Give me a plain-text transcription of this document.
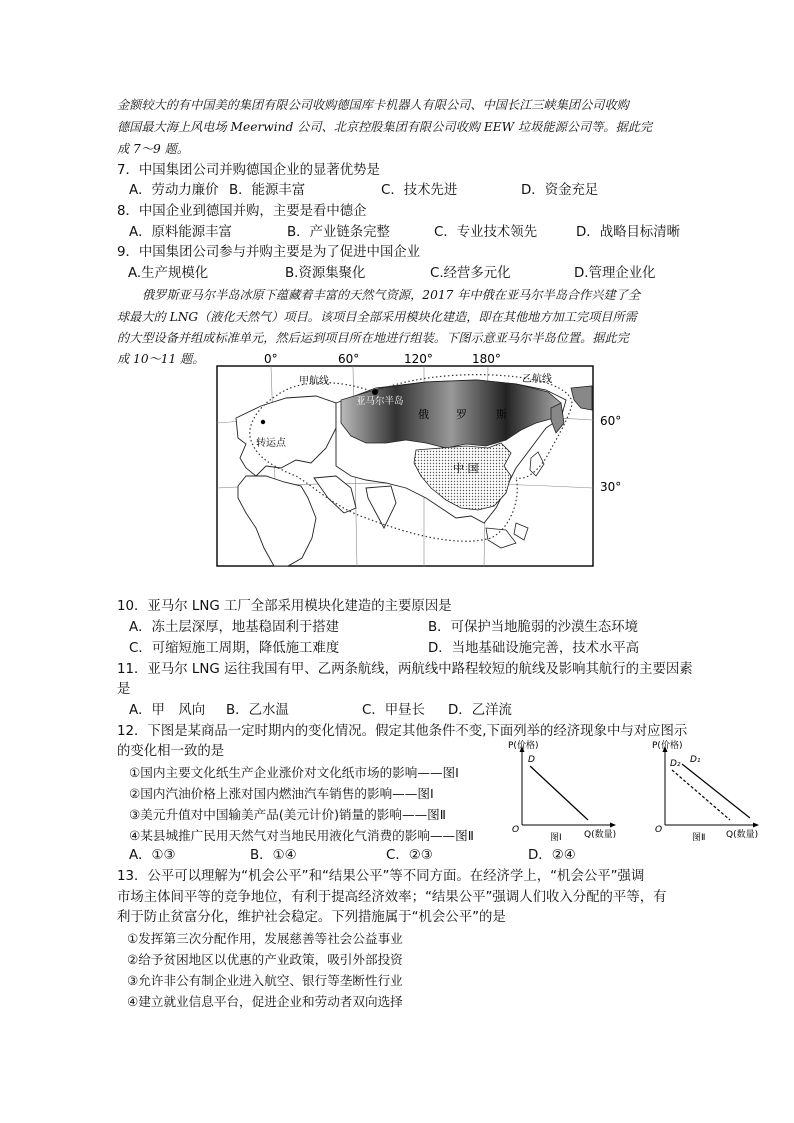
金额较大的有中国美的集团有限公司收购德国库卡机器人有限公司、中国长江三峡集团公司收购
德国最大海上风电场 Meerwind 公司、北京控股集团有限公司收购 EEW 垃圾能源公司等。据此完
成 7～9 题。
7．中国集团公司并购德国企业的显著优势是
A．劳动力廉价 B．能源丰富	C．技术先进	D．资金充足
8．中国企业到德国并购，主要是看中德企
A．原料能源丰富	B．产业链条完整	C．专业技术领先	D．战略目标清晰
9．中国集团公司参与并购主要是为了促进中国企业
A.生产规模化	B.资源集聚化	C.经营多元化	D.管理企业化
俄罗斯亚马尔半岛冰原下蕴藏着丰富的天然气资源，2017 年中俄在亚马尔半岛合作兴建了全
球最大的 LNG（液化天然气）项目。该项目全部采用模块化建造，即在其他地方加工完项目所需
的大型设备并组成标准单元，然后运到项目所在地进行组装。下图示意亚马尔半岛位置。据此完
成 10～11 题。	0°	60°	120°	180°
60°
30°
甲航线	乙航线
亚马尔半岛
转运点
俄 罗	斯
中 国
10．亚马尔 LNG 工厂全部采用模块化建造的主要原因是
A．冻土层深厚，地基稳固利于搭建	B．可保护当地脆弱的沙漠生态环境
C．可缩短施工周期，降低施工难度	D．当地基础设施完善，技术水平高
11．亚马尔 LNG 运往我国有甲、乙两条航线，两航线中路程较短的航线及影响其航行的主要因素
是
A．甲　风向 B．乙水温	C．甲昼长 D．乙洋流
12．下图是某商品一定时期内的变化情况。假定其他条件不变,下面列举的经济现象中与对应图示
的变化相一致的是
①国内主要文化纸生产企业涨价对文化纸市场的影响——图Ⅰ
②国内汽油价格上涨对国内燃油汽车销售的影响——图Ⅰ
③美元升值对中国输美产品(美元计价)销量的影响——图Ⅱ
④某县城推广民用天然气对当地民用液化气消费的影响——图Ⅱ
A．①③	B．①④	C．②③	D．②④
P(价格)
Q(数量)
O
D
图Ⅰ
P(价格)
Q(数量)
O
D₁
D₂
图Ⅱ
13．公平可以理解为“机会公平”和“结果公平”等不同方面。在经济学上，“机会公平”强调
市场主体间平等的竞争地位，有利于提高经济效率；“结果公平”强调人们收入分配的平等，有
利于防止贫富分化，维护社会稳定。下列措施属于“机会公平”的是
①发挥第三次分配作用，发展慈善等社会公益事业
②给予贫困地区以优惠的产业政策，吸引外部投资
③允许非公有制企业进入航空、银行等垄断性行业
④建立就业信息平台，促进企业和劳动者双向选择
